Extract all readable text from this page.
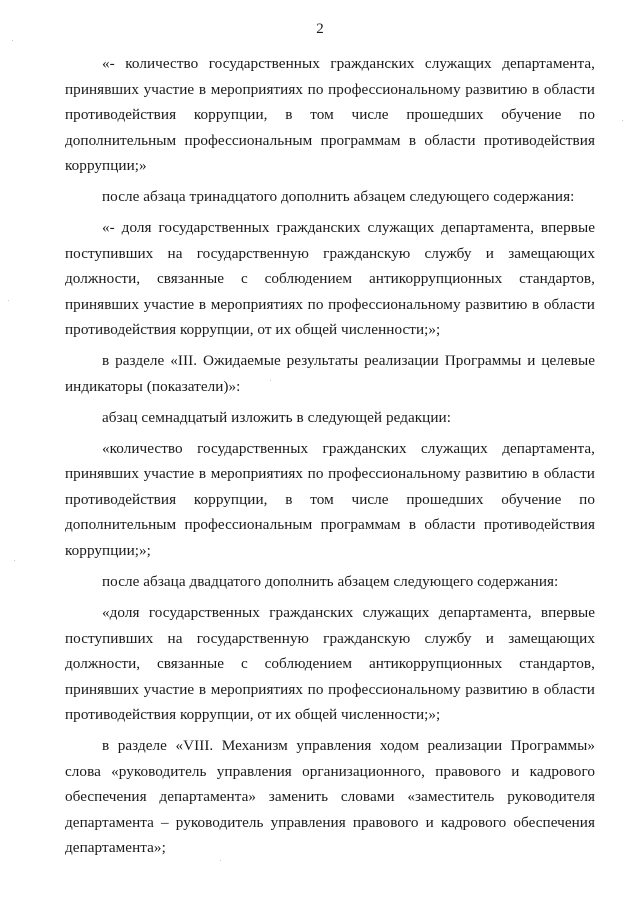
2

«- количество государственных гражданских служащих департамента, принявших участие в мероприятиях по профессиональному развитию в области противодействия коррупции, в том числе прошедших обучение по дополнительным профессиональным программам в области противодействия коррупции;»

после абзаца тринадцатого дополнить абзацем следующего содержания:

«- доля государственных гражданских служащих департамента, впервые поступивших на государственную гражданскую службу и замещающих должности, связанные с соблюдением антикоррупционных стандартов, принявших участие в мероприятиях по профессиональному развитию в области противодействия коррупции, от их общей численности;»;

в разделе «III. Ожидаемые результаты реализации Программы и целевые индикаторы (показатели)»:

абзац семнадцатый изложить в следующей редакции:

«количество государственных гражданских служащих департамента, принявших участие в мероприятиях по профессиональному развитию в области противодействия коррупции, в том числе прошедших обучение по дополнительным профессиональным программам в области противодействия коррупции;»;

после абзаца двадцатого дополнить абзацем следующего содержания:

«доля государственных гражданских служащих департамента, впервые поступивших на государственную гражданскую службу и замещающих должности, связанные с соблюдением антикоррупционных стандартов, принявших участие в мероприятиях по профессиональному развитию в области противодействия коррупции, от их общей численности;»;

в разделе «VIII. Механизм управления ходом реализации Программы» слова «руководитель управления организационного, правового и кадрового обеспечения департамента» заменить словами «заместитель руководителя департамента – руководитель управления правового и кадрового обеспечения департамента»;
